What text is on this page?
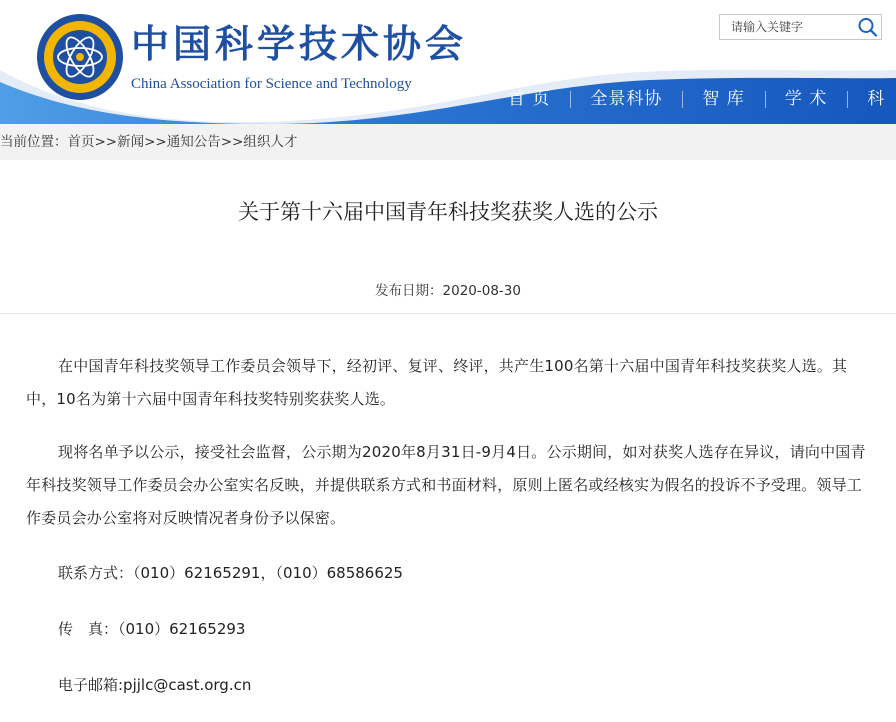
中国科学技术协会
China Association for Science and Technology
请输入关键字
首 页	全景科协	智 库	学 术	科
当前位置：首页>>新闻>>通知公告>>组织人才
关于第十六届中国青年科技奖获奖人选的公示
发布日期：2020-08-30
在中国青年科技奖领导工作委员会领导下，经初评、复评、终评，共产生100名第十六届中国青年科技奖获奖人选。其中，10名为第十六届中国青年科技奖特别奖获奖人选。
现将名单予以公示，接受社会监督，公示期为2020年8月31日-9月4日。公示期间，如对获奖人选存在异议，请向中国青年科技奖领导工作委员会办公室实名反映，并提供联系方式和书面材料，原则上匿名或经核实为假名的投诉不予受理。领导工作委员会办公室将对反映情况者身份予以保密。
联系方式：（010）62165291，（010）68586625
传　真：（010）62165293
电子邮箱:pjjlc@cast.org.cn
